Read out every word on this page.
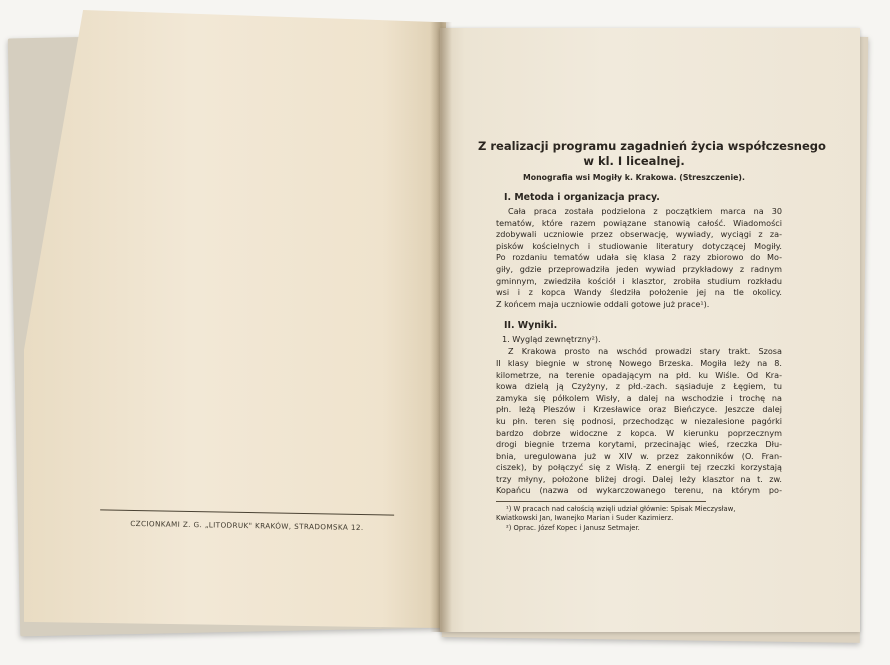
CZCIONKAMI Z. G. „LITODRUK" KRAKÓW, STRADOMSKA 12.

Z realizacji programu zagadnień życia współczesnego
w kl. I licealnej.

Monografia wsi Mogiły k. Krakowa. (Streszczenie).

I. Metoda i organizacja pracy.

Cała praca została podzielona z początkiem marca na 30
tematów, które razem powiązane stanowią całość. Wiadomości
zdobywali uczniowie przez obserwację, wywiady, wyciągi z za-
pisków kościelnych i studiowanie literatury dotyczącej Mogiły.
Po rozdaniu tematów udała się klasa 2 razy zbiorowo do Mo-
giły, gdzie przeprowadziła jeden wywiad przykładowy z radnym
gminnym, zwiedziła kościół i klasztor, zrobiła studium rozkładu
wsi i z kopca Wandy śledziła położenie jej na tle okolicy.
Z końcem maja uczniowie oddali gotowe już prace¹).

II. Wyniki.

1. Wygląd zewnętrzny²).

Z Krakowa prosto na wschód prowadzi stary trakt. Szosa
II klasy biegnie w stronę Nowego Brzeska. Mogiła leży na 8.
kilometrze, na terenie opadającym na płd. ku Wiśle. Od Kra-
kowa dzielą ją Czyżyny, z płd.-zach. sąsiaduje z Łęgiem, tu
zamyka się półkolem Wisły, a dalej na wschodzie i trochę na
płn. leżą Pleszów i Krzesławice oraz Bieńczyce. Jeszcze dalej
ku płn. teren się podnosi, przechodząc w niezalesione pagórki
bardzo dobrze widoczne z kopca. W kierunku poprzecznym
drogi biegnie trzema korytami, przecinając wieś, rzeczka Dłu-
bnia, uregulowana już w XIV w. przez zakonników (O. Fran-
ciszek), by połączyć się z Wisłą. Z energii tej rzeczki korzystają
trzy młyny, położone bliżej drogi. Dalej leży klasztor na t. zw.
Kopańcu (nazwa od wykarczowanego terenu, na którym po-

¹) W pracach nad całością wzięli udział głównie: Spisak Mieczysław,
Kwiatkowski Jan, Iwanejko Marian i Suder Kazimierz.
²) Oprac. Józef Kopec i Janusz Setmajer.
